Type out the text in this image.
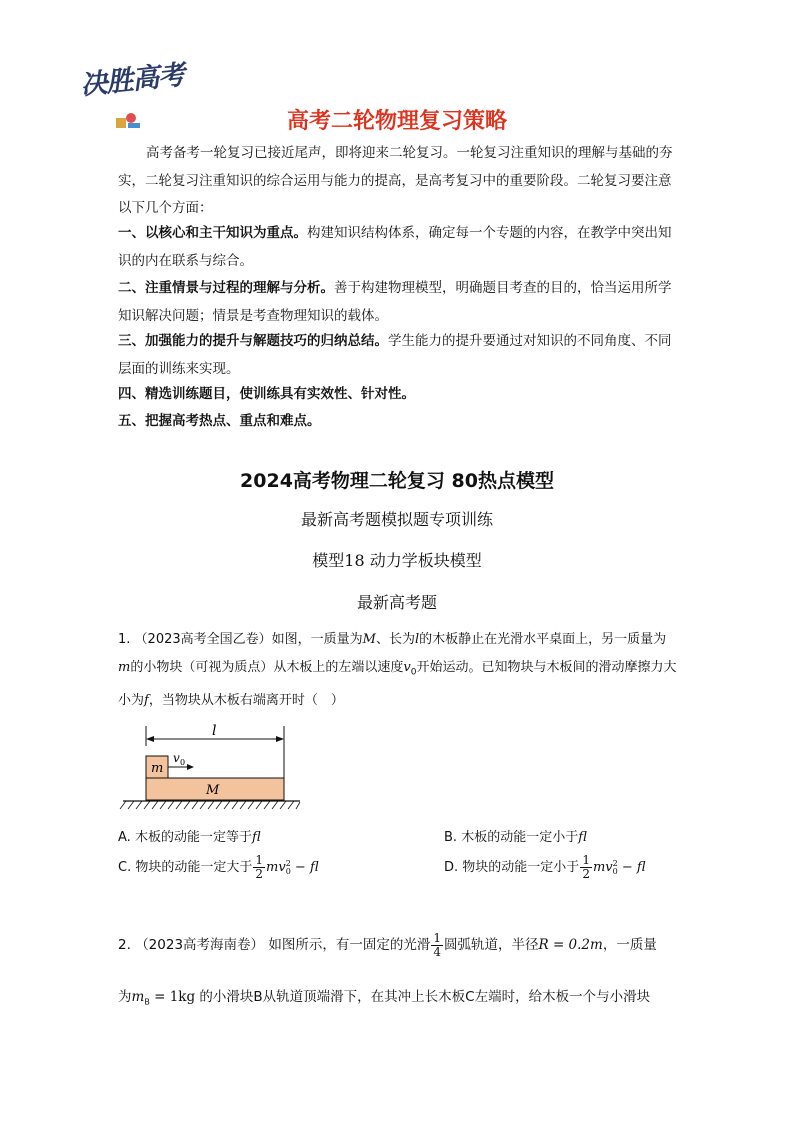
决胜高考
高考二轮物理复习策略
高考备考一轮复习已接近尾声，即将迎来二轮复习。一轮复习注重知识的理解与基础的夯实，二轮复习注重知识的综合运用与能力的提高，是高考复习中的重要阶段。二轮复习要注意以下几个方面：
一、以核心和主干知识为重点。构建知识结构体系，确定每一个专题的内容，在教学中突出知识的内在联系与综合。
二、注重情景与过程的理解与分析。善于构建物理模型，明确题目考查的目的，恰当运用所学知识解决问题；情景是考查物理知识的载体。
三、加强能力的提升与解题技巧的归纳总结。学生能力的提升要通过对知识的不同角度、不同层面的训练来实现。
四、精选训练题目，使训练具有实效性、针对性。
五、把握高考热点、重点和难点。
2024高考物理二轮复习 80热点模型
最新高考题模拟题专项训练
模型18 动力学板块模型
最新高考题
1. （2023高考全国乙卷）如图，一质量为M、长为l的木板静止在光滑水平桌面上，另一质量为m的小物块（可视为质点）从木板上的左端以速度$v_0$开始运动。已知物块与木板间的滑动摩擦力大小为f，当物块从木板右端离开时（　）
l
m
v 0
M
A. 木板的动能一定等于fl	B. 木板的动能一定小于fl
C. 物块的动能一定大于 $\frac{1}{2}$ mv 2
0 − fl	D. 物块的动能一定小于 $\frac{1}{2}$ mv 2
0 − fl
2. （2023高考海南卷） 如图所示，有一固定的光滑 $\frac{1}{4}$ 圆弧轨道，半径R = 0.2m，一质量
为$m_B = 1kg$ 的小滑块B从轨道顶端滑下，在其冲上长木板C左端时，给木板一个与小滑块
